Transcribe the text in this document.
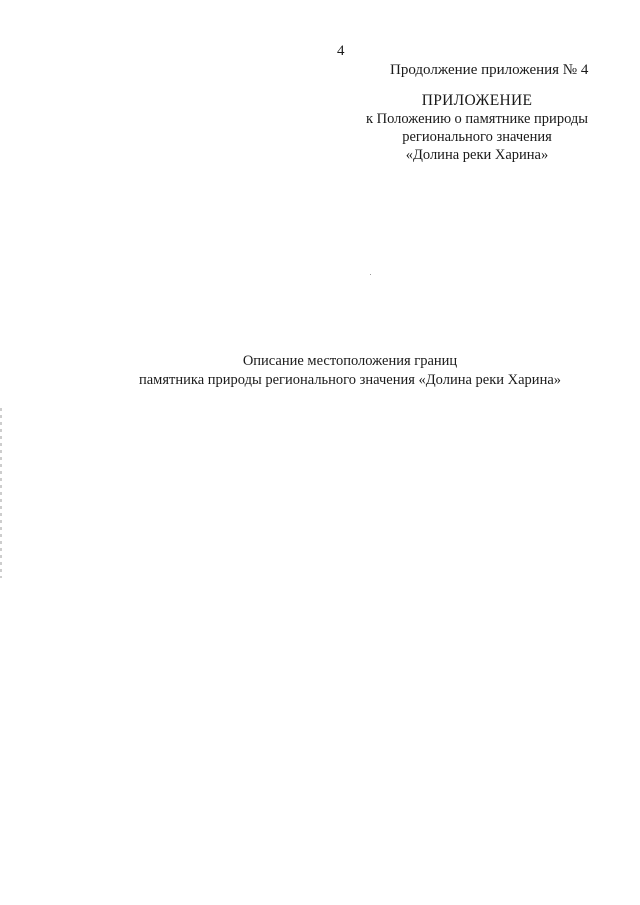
4
Продолжение приложения № 4
ПРИЛОЖЕНИЕ
к Положению о памятнике природы
регионального значения
«Долина реки Харина»
Описание местоположения границ
памятника природы регионального значения «Долина реки Харина»
